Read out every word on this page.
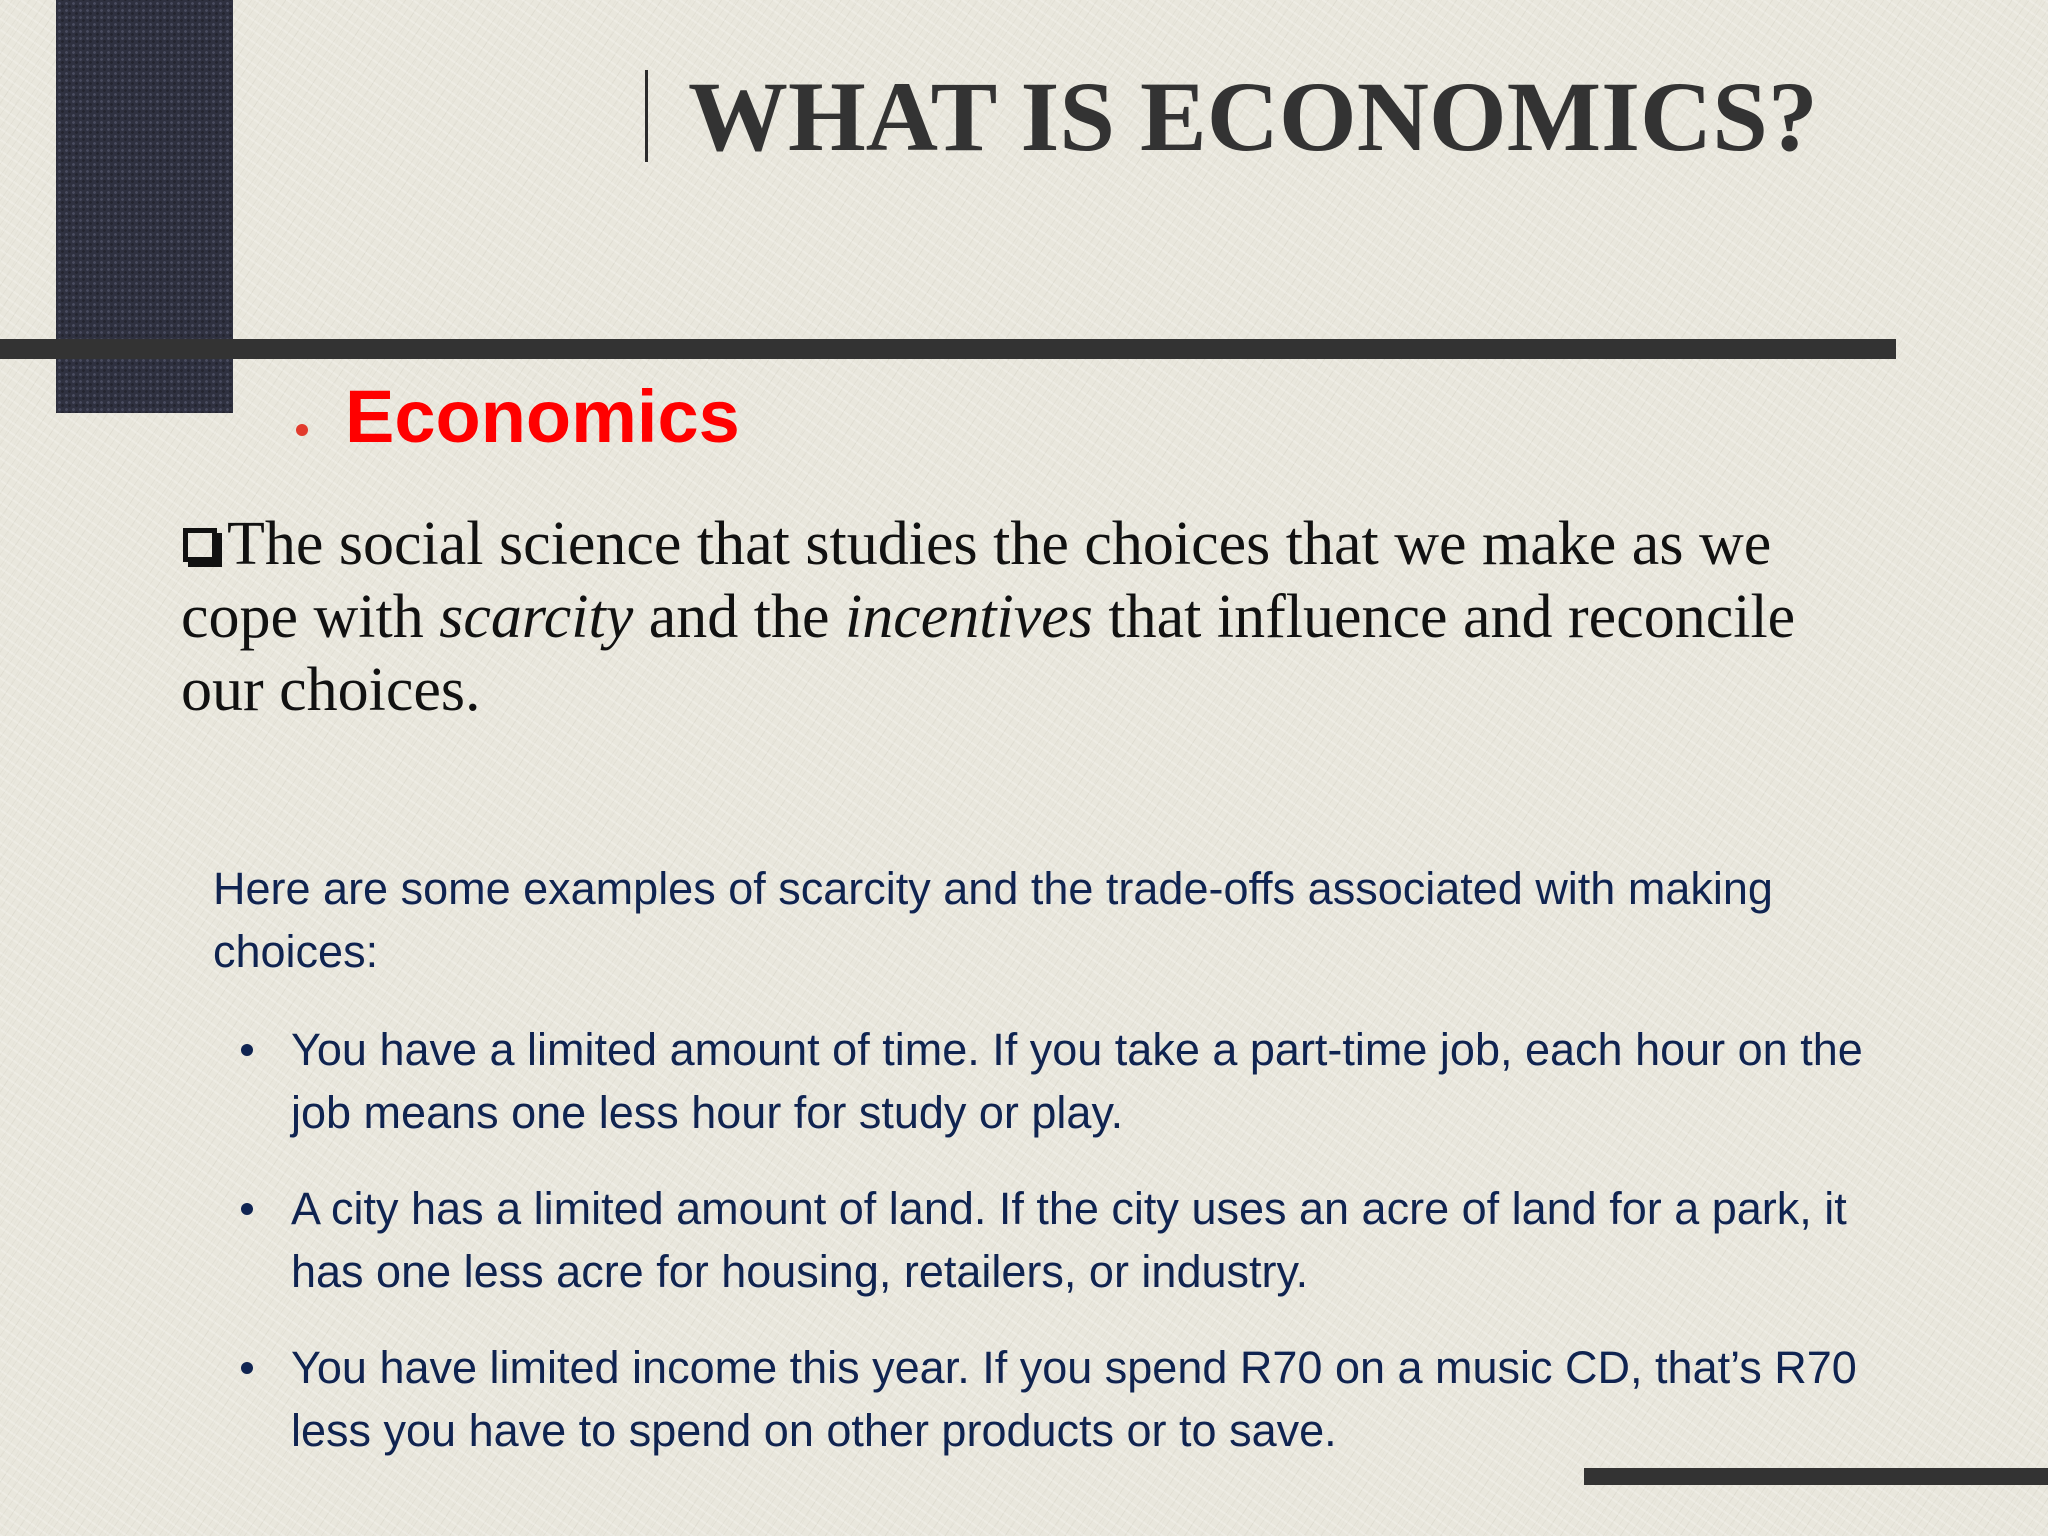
WHAT IS ECONOMICS?
Economics

The social science that studies the choices that we make as we cope with scarcity and the incentives that influence and reconcile our choices.

Here are some examples of scarcity and the trade-offs associated with making choices:

You have a limited amount of time. If you take a part-time job, each hour on the job means one less hour for study or play.
A city has a limited amount of land. If the city uses an acre of land for a park, it has one less acre for housing, retailers, or industry.
You have limited income this year. If you spend R70 on a music CD, that’s R70 less you have to spend on other products or to save.
